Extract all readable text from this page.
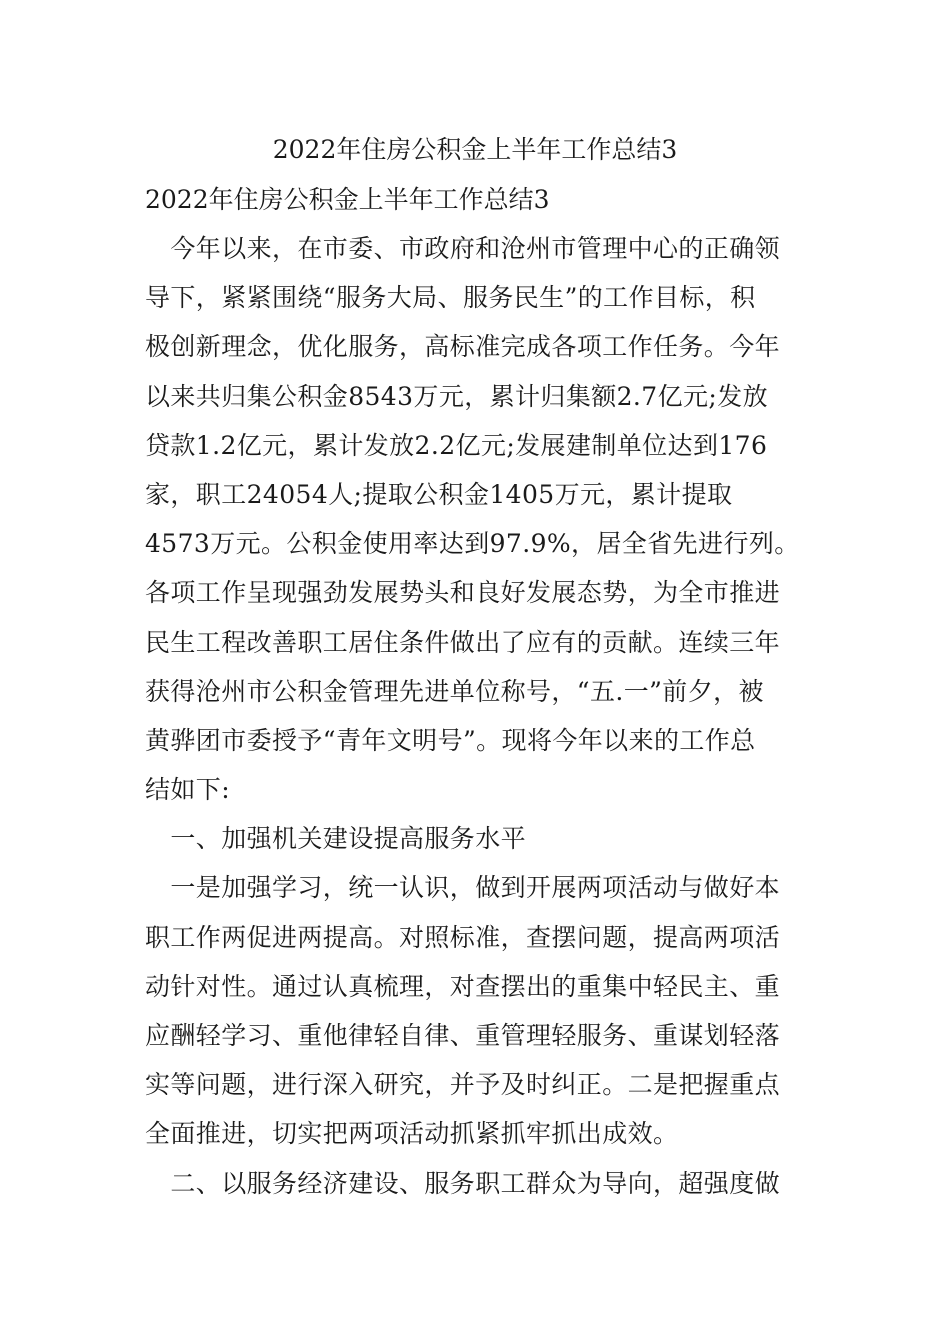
2022年住房公积金上半年工作总结3
2022年住房公积金上半年工作总结3
　今年以来，在市委、市政府和沧州市管理中心的正确领
导下，紧紧围绕“服务大局、服务民生”的工作目标，积
极创新理念，优化服务，高标准完成各项工作任务。今年
以来共归集公积金8543万元，累计归集额2.7亿元;发放
贷款1.2亿元，累计发放2.2亿元;发展建制单位达到176
家，职工24054人;提取公积金1405万元，累计提取
4573万元。公积金使用率达到97.9%，居全省先进行列。
各项工作呈现强劲发展势头和良好发展态势，为全市推进
民生工程改善职工居住条件做出了应有的贡献。连续三年
获得沧州市公积金管理先进单位称号，“五.一”前夕，被
黄骅团市委授予“青年文明号”。现将今年以来的工作总
结如下:
　一、加强机关建设提高服务水平
　一是加强学习，统一认识，做到开展两项活动与做好本
职工作两促进两提高。对照标准，查摆问题，提高两项活
动针对性。通过认真梳理，对查摆出的重集中轻民主、重
应酬轻学习、重他律轻自律、重管理轻服务、重谋划轻落
实等问题，进行深入研究，并予及时纠正。二是把握重点
全面推进，切实把两项活动抓紧抓牢抓出成效。
　二、以服务经济建设、服务职工群众为导向，超强度做
